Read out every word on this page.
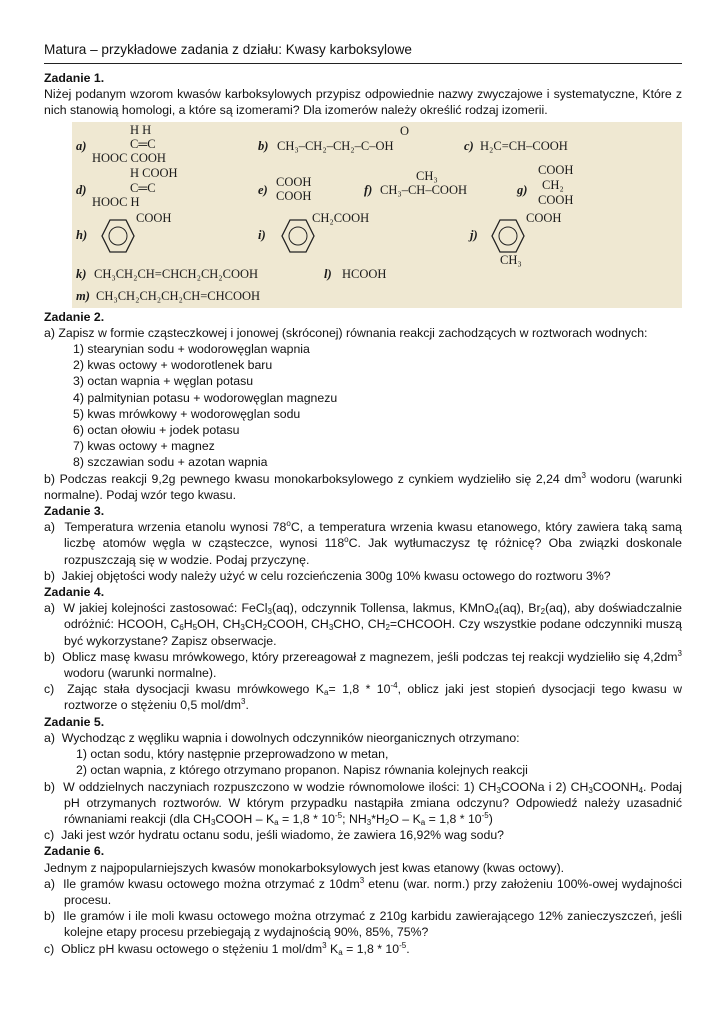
Matura – przykładowe zadania z działu: Kwasy karboksylowe
Zadanie 1.
Niżej podanym wzorom kwasów karboksylowych przypisz odpowiednie nazwy zwyczajowe i systematyczne, Które z nich stanowią homologi, a które są izomerami? Dla izomerów należy określić rodzaj izomerii.
a)
H H
C═C
HOOC COOH
O
b) CH₃–CH₂–CH₂–C–OH	c) H₂C=CH–COOH
d)
H COOH
C═C
HOOC H
e)
COOH
COOH
CH₃
f) CH₃–CH–COOH	g)
COOH
CH₂
COOH
h)
COOH
i)
CH₂COOH
j)
COOH
CH₃
k) CH₃CH₂CH=CHCH₂CH₂COOH	l) HCOOH
m) CH₃CH₂CH₂CH₂CH=CHCOOH
Zadanie 2.
a) Zapisz w formie cząsteczkowej i jonowej (skróconej) równania reakcji zachodzących w roztworach wodnych:
1) stearynian sodu + wodorowęglan wapnia
2) kwas octowy + wodorotlenek baru
3) octan wapnia + węglan potasu
4) palmitynian potasu + wodorowęglan magnezu
5) kwas mrówkowy + wodorowęglan sodu
6) octan ołowiu + jodek potasu
7) kwas octowy + magnez
8) szczawian sodu + azotan wapnia
b) Podczas reakcji 9,2g pewnego kwasu monokarboksylowego z cynkiem wydzieliło się 2,24 $dm^3$ wodoru (warunki normalne). Podaj wzór tego kwasu.
Zadanie 3.
a)  Temperatura wrzenia etanolu wynosi 78$^o$C, a temperatura wrzenia kwasu etanowego, który zawiera taką samą liczbę atomów węgla w cząsteczce, wynosi 118$^o$C. Jak wytłumaczysz tę różnicę? Oba związki doskonale rozpuszczają się w wodzie. Podaj przyczynę.
b)  Jakiej objętości wody należy użyć w celu rozcieńczenia 300g 10% kwasu octowego do roztworu 3%?
Zadanie 4.
a)  W jakiej kolejności zastosować: FeCl$_3$(aq), odczynnik Tollensa, lakmus, KMnO$_4$(aq), $Br_2(aq)$, aby doświadczalnie odróżnić: HCOOH, $C_6H_5OH$, $CH_3CH_2COOH$, $CH_3CHO$, $CH_2=CHCOOH$. Czy wszystkie podane odczynniki muszą być wykorzystane? Zapisz obserwacje.
b)  Oblicz masę kwasu mrówkowego, który przereagował z magnezem, jeśli podczas tej reakcji wydzieliło się $4,2dm^3$ wodoru (warunki normalne).
c)  Zając stała dysocjacji kwasu mrówkowego $K_a= 1,8 * 10^{-4}$, oblicz jaki jest stopień dysocjacji tego kwasu w roztworze o stężeniu 0,5 mol/$dm^3$.
Zadanie 5.
a)  Wychodząc z węgliku wapnia i dowolnych odczynników nieorganicznych otrzymano:
1) octan sodu, który następnie przeprowadzono w metan,
2) octan wapnia, z którego otrzymano propanon. Napisz równania kolejnych reakcji
b)  W oddzielnych naczyniach rozpuszczono w wodzie równomolowe ilości: 1) $CH_3COONa$ i 2) $CH_3COONH_4$. Podaj pH otrzymanych roztworów. W którym przypadku nastąpiła zmiana odczynu? Odpowiedź należy uzasadnić równaniami reakcji (dla $CH_3COOH - K_a = 1,8 * 10^{-5}$; $NH_3*H_2O - K_a = 1,8 * 10^{-5}$)
c)  Jaki jest wzór hydratu octanu sodu, jeśli wiadomo, że zawiera 16,92% wag sodu?
Zadanie 6.
Jednym z najpopularniejszych kwasów monokarboksylowych jest kwas etanowy (kwas octowy).
a)  Ile gramów kwasu octowego można otrzymać z $10dm^3$ etenu (war. norm.) przy założeniu 100%-owej wydajności procesu.
b)  Ile gramów i ile moli kwasu octowego można otrzymać z 210g karbidu zawierającego 12% zanieczyszczeń, jeśli kolejne etapy procesu przebiegają z wydajnością 90%, 85%, 75%?
c)  Oblicz pH kwasu octowego o stężeniu 1 mol/$dm^3$ $K_a = 1,8 * 10^{-5}$.
